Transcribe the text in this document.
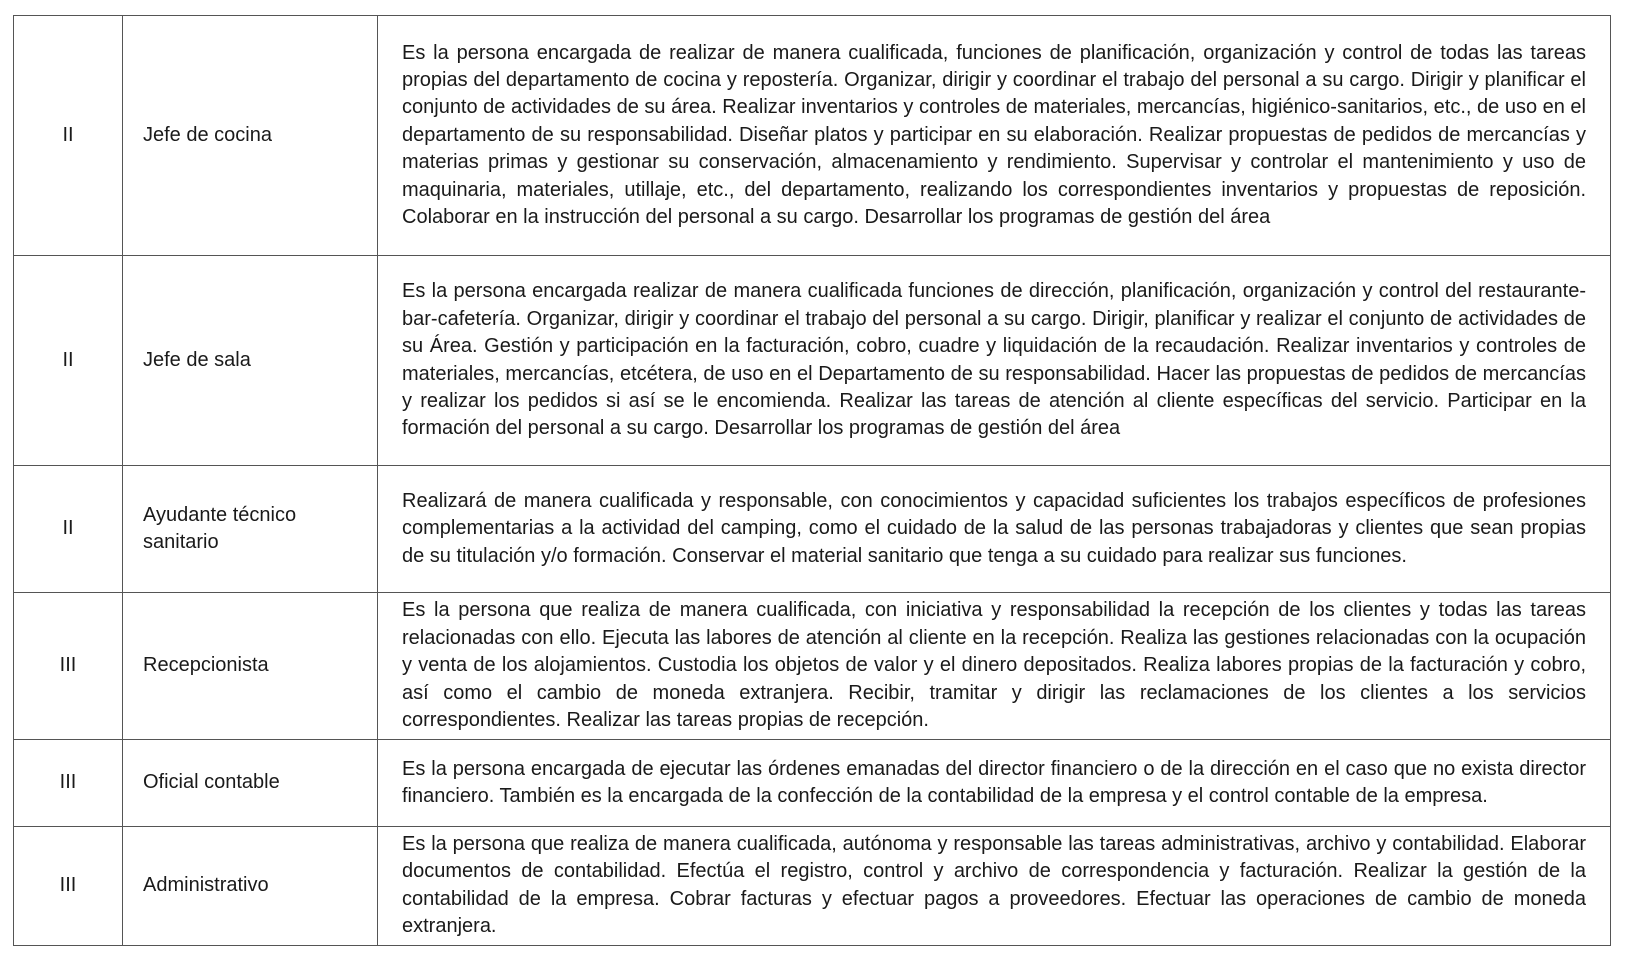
II	Jefe de cocina	Es la persona encargada de realizar de manera cualificada, funciones de planificación, organización y control de todas las tareas propias del departamento de cocina y repostería. Organizar, dirigir y coordinar el trabajo del personal a su cargo. Dirigir y planificar el conjunto de actividades de su área. Realizar inventarios y controles de materiales, mercancías, higiénico-sanitarios, etc., de uso en el departamento de su responsabilidad. Diseñar platos y participar en su elaboración. Realizar propuestas de pedidos de mercancías y materias primas y gestionar su conservación, almacenamiento y rendimiento. Supervisar y controlar el mantenimiento y uso de maquinaria, materiales, utillaje, etc., del departamento, realizando los correspondientes inventarios y propuestas de reposición. Colaborar en la instrucción del personal a su cargo. Desarrollar los programas de gestión del área
II	Jefe de sala	Es la persona encargada realizar de manera cualificada funciones de dirección, planificación, organización y control del restaurante-bar-cafetería. Organizar, dirigir y coordinar el trabajo del personal a su cargo. Dirigir, planificar y realizar el conjunto de actividades de su Área. Gestión y participación en la facturación, cobro, cuadre y liquidación de la recaudación. Realizar inventarios y controles de materiales, mercancías, etcétera, de uso en el Departamento de su responsabilidad. Hacer las propuestas de pedidos de mercancías y realizar los pedidos si así se le encomienda. Realizar las tareas de atención al cliente específicas del servicio. Participar en la formación del personal a su cargo. Desarrollar los programas de gestión del área
II	Ayudante técnico sanitario	Realizará de manera cualificada y responsable, con conocimientos y capacidad suficientes los trabajos específicos de profesiones complementarias a la actividad del camping, como el cuidado de la salud de las personas trabajadoras y clientes que sean propias de su titulación y/o formación. Conservar el material sanitario que tenga a su cuidado para realizar sus funciones.
III	Recepcionista	Es la persona que realiza de manera cualificada, con iniciativa y responsabilidad la recepción de los clientes y todas las tareas relacionadas con ello. Ejecuta las labores de atención al cliente en la recepción. Realiza las gestiones relacionadas con la ocupación y venta de los alojamientos. Custodia los objetos de valor y el dinero depositados. Realiza labores propias de la facturación y cobro, así como el cambio de moneda extranjera. Recibir, tramitar y dirigir las reclamaciones de los clientes a los servicios correspondientes. Realizar las tareas propias de recepción.
III	Oficial contable	Es la persona encargada de ejecutar las órdenes emanadas del director financiero o de la dirección en el caso que no exista director financiero. También es la encargada de la confección de la contabilidad de la empresa y el control contable de la empresa.
III	Administrativo	Es la persona que realiza de manera cualificada, autónoma y responsable las tareas administrativas, archivo y contabilidad. Elaborar documentos de contabilidad. Efectúa el registro, control y archivo de correspondencia y facturación. Realizar la gestión de la contabilidad de la empresa. Cobrar facturas y efectuar pagos a proveedores. Efectuar las operaciones de cambio de moneda extranjera.
